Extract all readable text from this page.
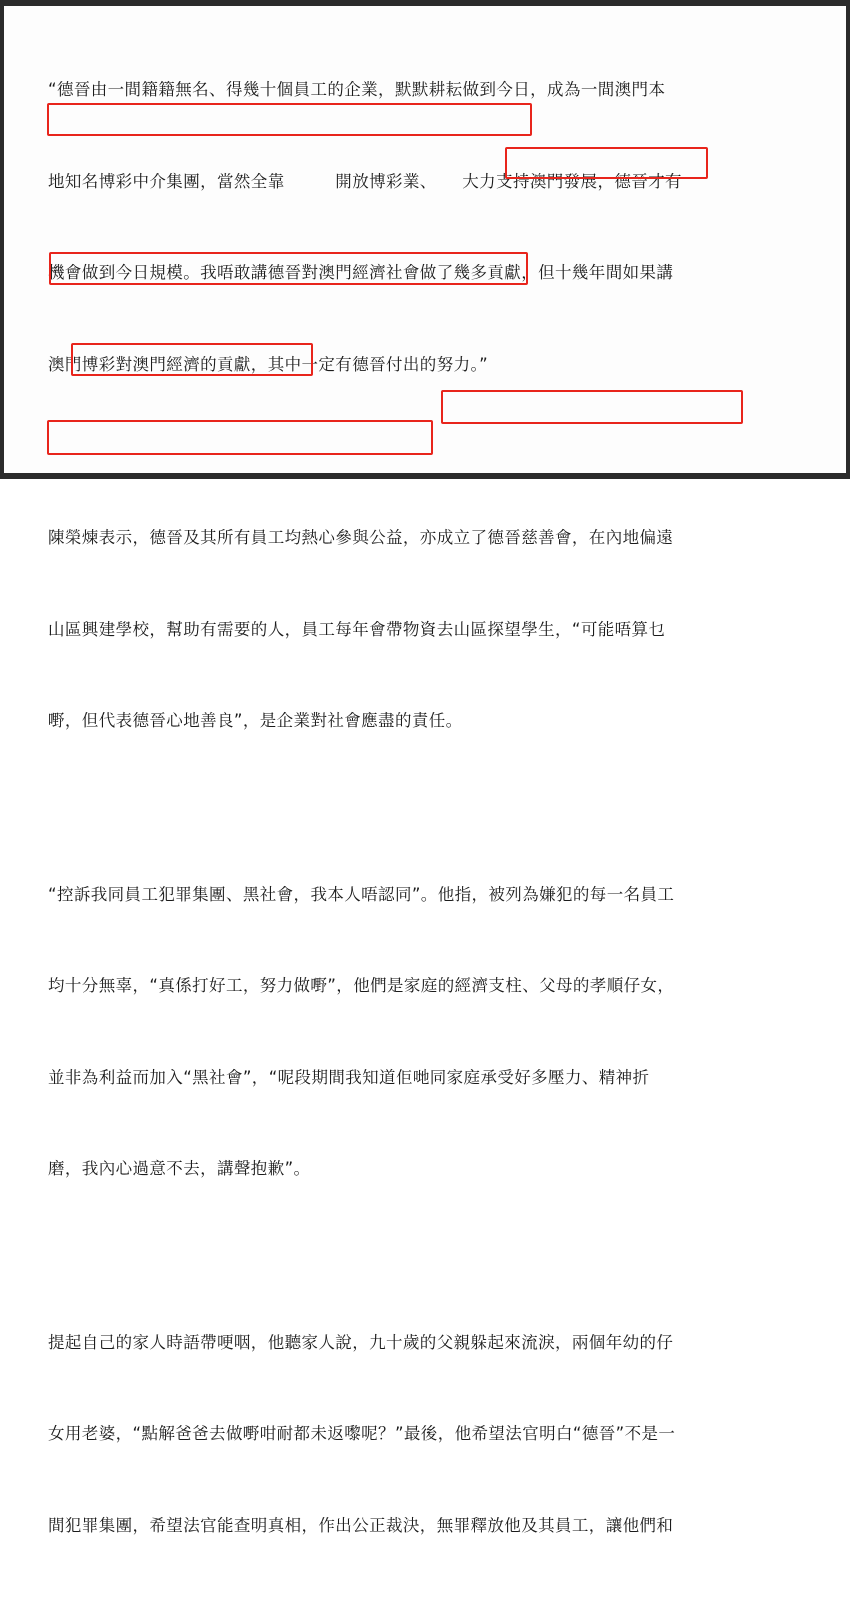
“德晉由一間籍籍無名、得幾十個員工的企業，默默耕耘做到今日，成為一間澳門本

地知名博彩中介集團，當然全靠　　　開放博彩業、　　大力支持澳門發展，德晉才有

機會做到今日規模。我唔敢講德晉對澳門經濟社會做了幾多貢獻，但十幾年間如果講

澳門博彩對澳門經濟的貢獻，其中一定有德晉付出的努力。”

陳榮煉表示，德晉及其所有員工均熱心參與公益，亦成立了德晉慈善會，在內地偏遠

山區興建學校，幫助有需要的人，員工每年會帶物資去山區探望學生，“可能唔算乜

嘢，但代表德晉心地善良”，是企業對社會應盡的責任。

“控訴我同員工犯罪集團、黑社會，我本人唔認同”。他指，被列為嫌犯的每一名員工

均十分無辜，“真係打好工，努力做嘢”，他們是家庭的經濟支柱、父母的孝順仔女，

並非為利益而加入“黑社會”，“呢段期間我知道佢哋同家庭承受好多壓力、精神折

磨，我內心過意不去，講聲抱歉”。

提起自己的家人時語帶哽咽，他聽家人說，九十歲的父親躲起來流淚，兩個年幼的仔

女用老婆，“點解爸爸去做嘢咁耐都未返嚟呢？”最後，他希望法官明白“德晉”不是一

間犯罪集團，希望法官能查明真相，作出公正裁決，無罪釋放他及其員工，讓他們和
